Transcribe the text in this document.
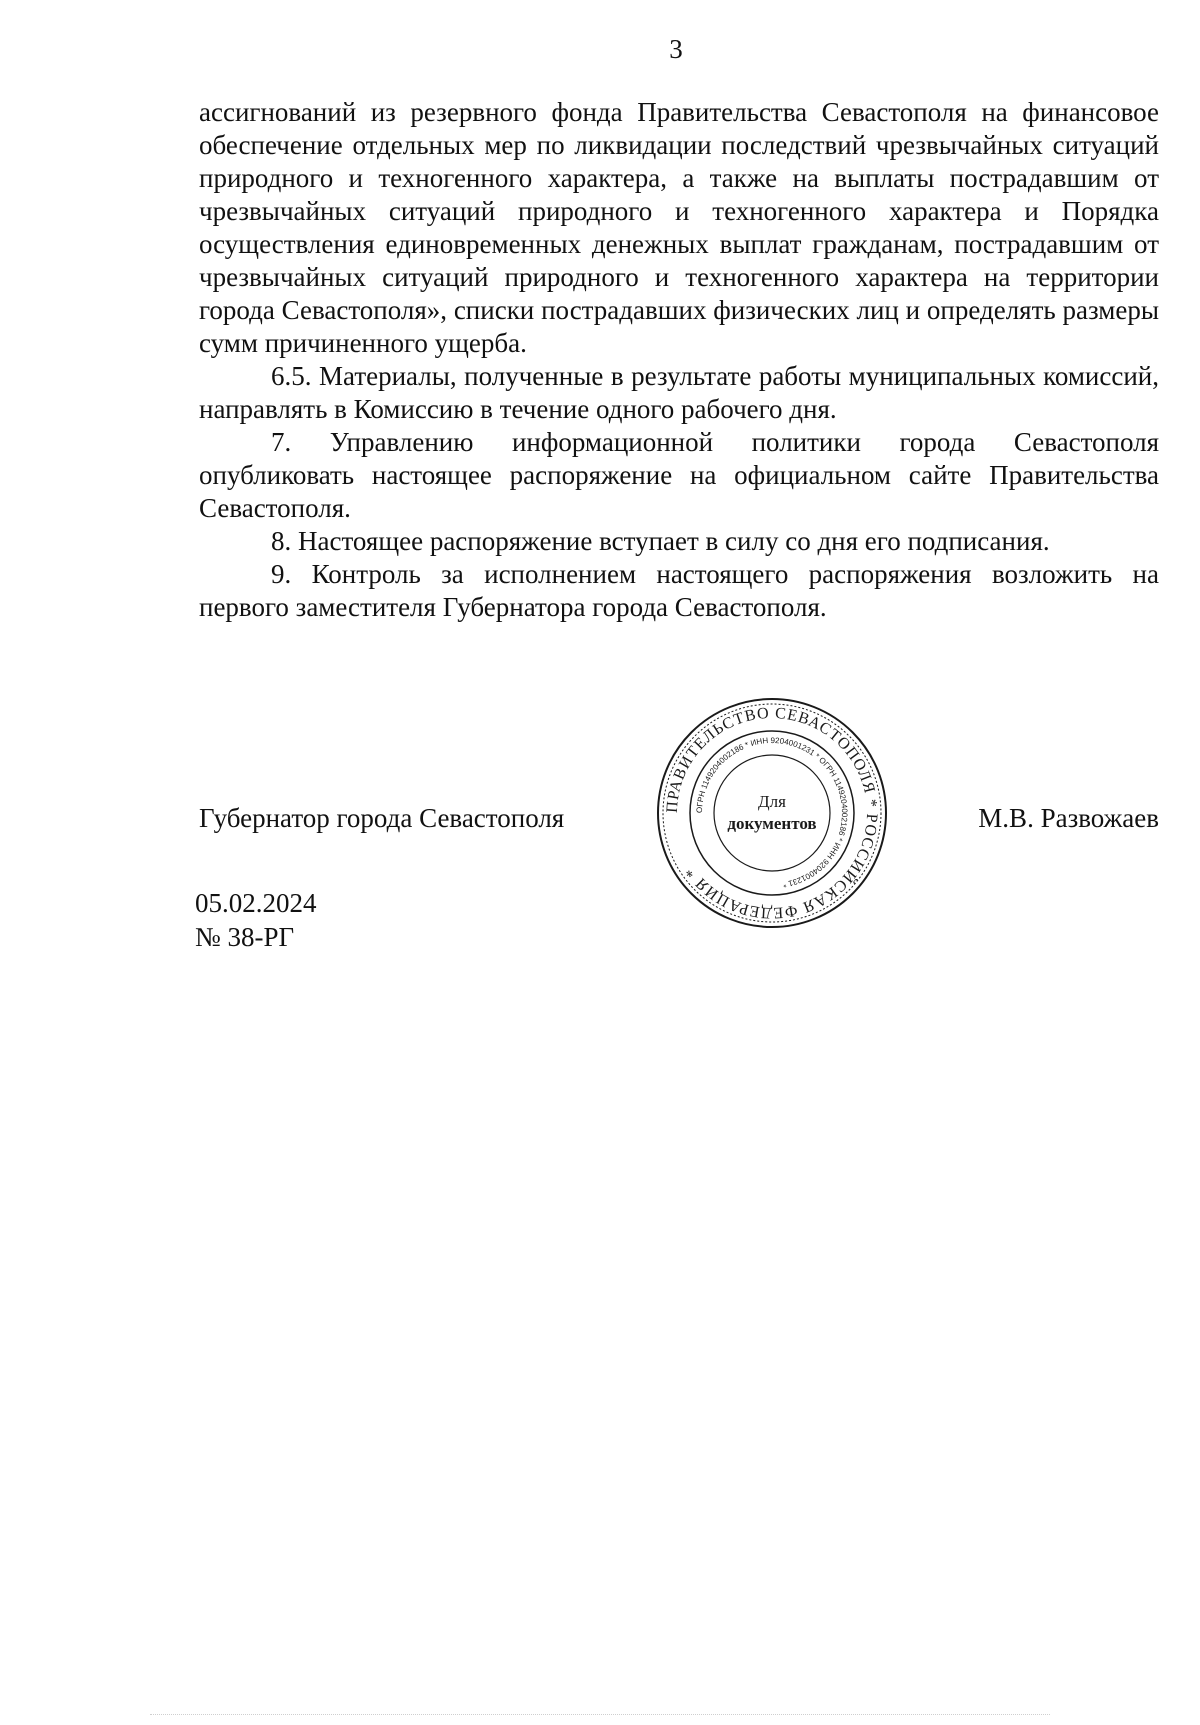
3

ассигнований из резервного фонда Правительства Севастополя на финансовое обеспечение отдельных мер по ликвидации последствий чрезвычайных ситуаций природного и техногенного характера, а также на выплаты пострадавшим от чрезвычайных ситуаций природного и техногенного характера и Порядка осуществления единовременных денежных выплат гражданам, пострадавшим от чрезвычайных ситуаций природного и техногенного характера на территории города Севастополя», списки пострадавших физических лиц и определять размеры сумм причиненного ущерба.

6.5. Материалы, полученные в результате работы муниципальных комиссий, направлять в Комиссию в течение одного рабочего дня.

7. Управлению информационной политики города Севастополя опубликовать настоящее распоряжение на официальном сайте Правительства Севастополя.

8. Настоящее распоряжение вступает в силу со дня его подписания.

9. Контроль за исполнением настоящего распоряжения возложить на первого заместителя Губернатора города Севастополя.

Губернатор города Севастополя	М.В. Развожаев
ПРАВИТЕЛЬСТВО СЕВАСТОПОЛЯ * РОССИЙСКАЯ ФЕДЕРАЦИЯ *
ОГРН 1149204002186 * ИНН 9204001231 * ОГРН 1149204002186 * ИНН 9204001231 *
Для
документов
05.02.2024
№ 38-РГ
